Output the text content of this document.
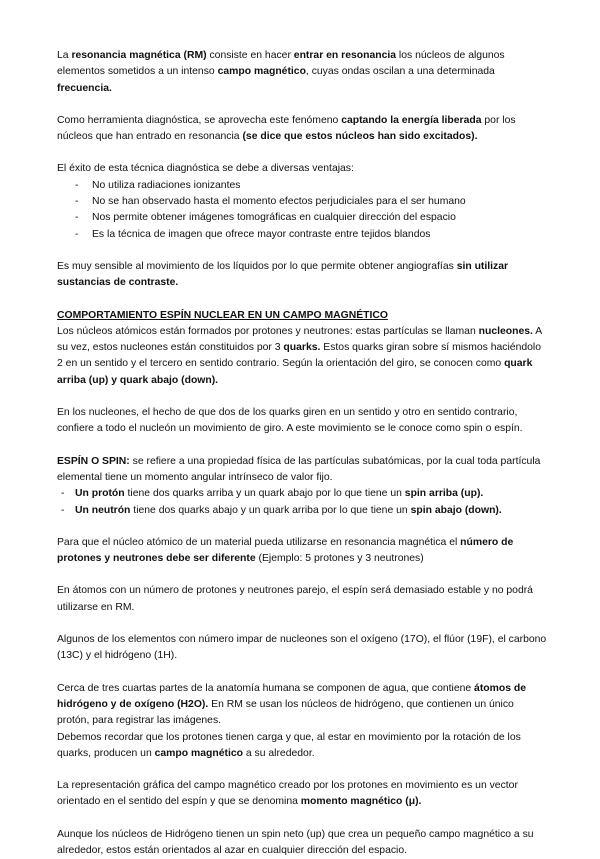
La resonancia magnética (RM) consiste en hacer entrar en resonancia los núcleos de algunos elementos sometidos a un intenso campo magnético, cuyas ondas oscilan a una determinada frecuencia.

Como herramienta diagnóstica, se aprovecha este fenómeno captando la energía liberada por los núcleos que han entrado en resonancia (se dice que estos núcleos han sido excitados).

El éxito de esta técnica diagnóstica se debe a diversas ventajas:

- No utiliza radiaciones ionizantes
- No se han observado hasta el momento efectos perjudiciales para el ser humano
- Nos permite obtener imágenes tomográficas en cualquier dirección del espacio
- Es la técnica de imagen que ofrece mayor contraste entre tejidos blandos

Es muy sensible al movimiento de los líquidos por lo que permite obtener angiografías sin utilizar sustancias de contraste.

COMPORTAMIENTO ESPÍN NUCLEAR EN UN CAMPO MAGNÉTICO

Los núcleos atómicos están formados por protones y neutrones: estas partículas se llaman nucleones. A su vez, estos nucleones están constituidos por 3 quarks. Estos quarks giran sobre sí mismos haciéndolo 2 en un sentido y el tercero en sentido contrario. Según la orientación del giro, se conocen como quark arriba (up) y quark abajo (down).

En los nucleones, el hecho de que dos de los quarks giren en un sentido y otro en sentido contrario, confiere a todo el nucleón un movimiento de giro. A este movimiento se le conoce como spin o espín.

ESPÍN O SPIN: se refiere a una propiedad física de las partículas subatómicas, por la cual toda partícula elemental tiene un momento angular intrínseco de valor fijo.

- Un protón tiene dos quarks arriba y un quark abajo por lo que tiene un spin arriba (up).
- Un neutrón tiene dos quarks abajo y un quark arriba por lo que tiene un spin abajo (down).

Para que el núcleo atómico de un material pueda utilizarse en resonancia magnética el número de protones y neutrones debe ser diferente (Ejemplo: 5 protones y 3 neutrones)

En átomos con un número de protones y neutrones parejo, el espín será demasiado estable y no podrá utilizarse en RM.

Algunos de los elementos con número impar de nucleones son el oxígeno (17O), el flúor (19F), el carbono (13C) y el hidrógeno (1H).

Cerca de tres cuartas partes de la anatomía humana se componen de agua, que contiene átomos de hidrógeno y de oxígeno (H2O). En RM se usan los núcleos de hidrógeno, que contienen un único protón, para registrar las imágenes.

Debemos recordar que los protones tienen carga y que, al estar en movimiento por la rotación de los quarks, producen un campo magnético a su alrededor.

La representación gráfica del campo magnético creado por los protones en movimiento es un vector orientado en el sentido del espín y que se denomina momento magnético (μ).

Aunque los núcleos de Hidrógeno tienen un spin neto (up) que crea un pequeño campo magnético a su alrededor, estos están orientados al azar en cualquier dirección del espacio.
